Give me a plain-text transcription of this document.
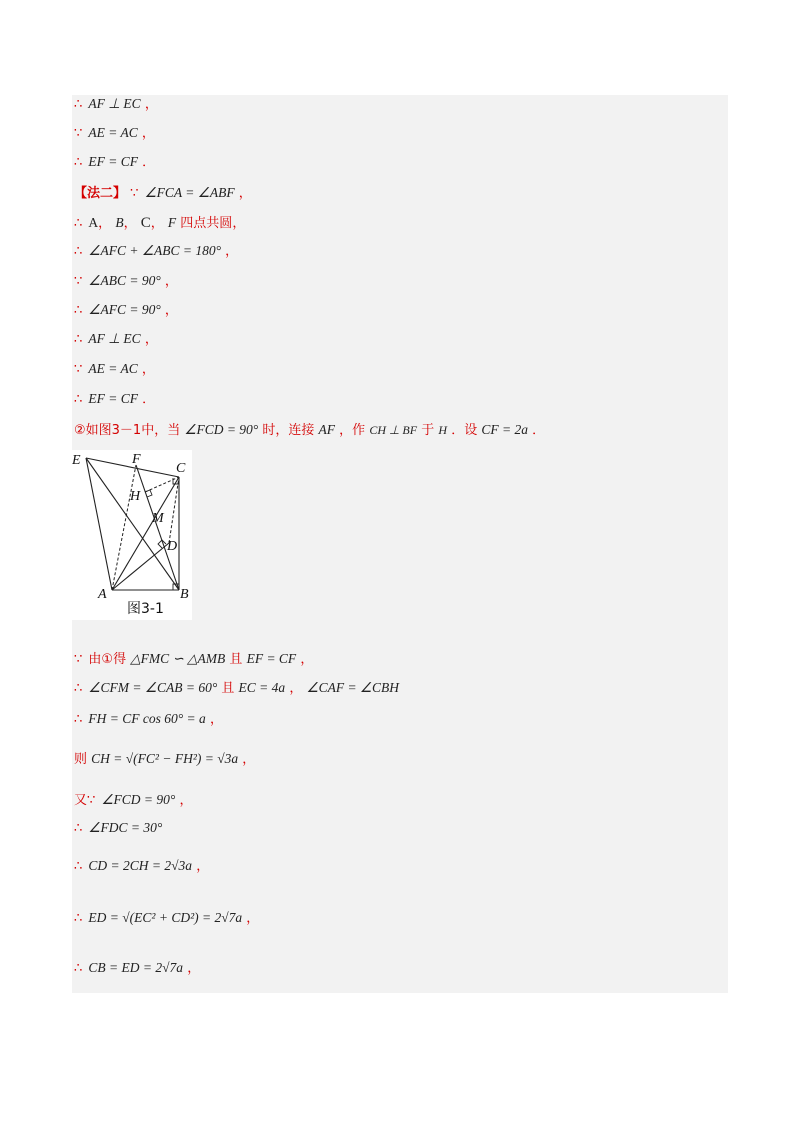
∴ AF ⊥ EC ，
∵ AE = AC ，
∴ EF = CF ．
【法二】 ∵ ∠FCA = ∠ABF ，
∴ A， B， C， F 四点共圆，
∴ ∠AFC + ∠ABC = 180° ，
∵ ∠ABC = 90° ，
∴ ∠AFC = 90° ，
∴ AF ⊥ EC ，
∵ AE = AC ，
∴ EF = CF ．
②如图3－1中，当 ∠FCD = 90° 时，连接 AF ，作 CH ⊥ BF 于 H ．设 CF = 2a ．
E	F
C
H
M
D
A	B
图3-1
∵ 由①得 △FMC ∽ △AMB 且 EF = CF ，
∴ ∠CFM = ∠CAB = 60° 且 EC = 4a ， ∠CAF = ∠CBH
∴ FH = CF cos 60° = a ，
则 CH = √(FC² − FH²) = √3a ，
又∵ ∠FCD = 90° ，
∴ ∠FDC = 30°
∴ CD = 2CH = 2√3a ，
∴ ED = √(EC² + CD²) = 2√7a ，
∴ CB = ED = 2√7a ，
